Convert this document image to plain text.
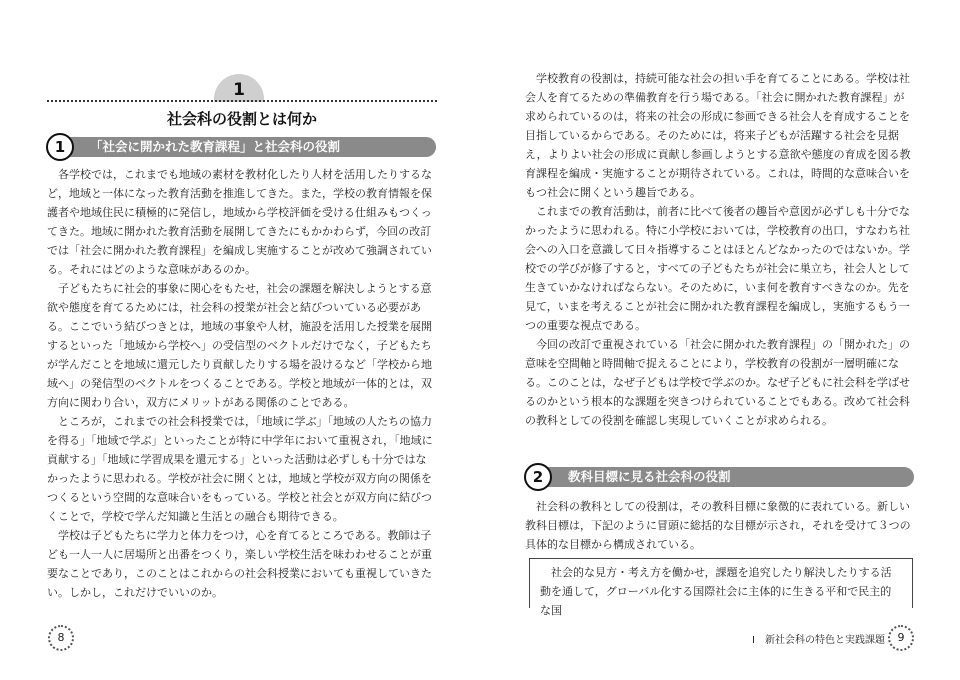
1
社会科の役割とは何か
「社会に開かれた教育課程」と社会科の役割
1

各学校では，これまでも地域の素材を教材化したり人材を活用したりするなど，地域と一体になった教育活動を推進してきた。また，学校の教育情報を保護者や地域住民に積極的に発信し，地域から学校評価を受ける仕組みもつくってきた。地域に開かれた教育活動を展開してきたにもかかわらず，今回の改訂では「社会に開かれた教育課程」を編成し実施することが改めて強調されている。それにはどのような意味があるのか。

子どもたちに社会的事象に関心をもたせ，社会の課題を解決しようとする意欲や態度を育てるためには，社会科の授業が社会と結びついている必要がある。ここでいう結びつきとは，地域の事象や人材，施設を活用した授業を展開するといった「地域から学校へ」の受信型のベクトルだけでなく，子どもたちが学んだことを地域に還元したり貢献したりする場を設けるなど「学校から地域へ」の発信型のベクトルをつくることである。学校と地域が一体的とは，双方向に関わり合い，双方にメリットがある関係のことである。

ところが，これまでの社会科授業では，「地域に学ぶ」「地域の人たちの協力を得る」「地域で学ぶ」といったことが特に中学年において重視され，「地域に貢献する」「地域に学習成果を還元する」といった活動は必ずしも十分ではなかったように思われる。学校が社会に開くとは，地域と学校が双方向の関係をつくるという空間的な意味合いをもっている。学校と社会とが双方向に結びつくことで，学校で学んだ知識と生活との融合も期待できる。

学校は子どもたちに学力と体力をつけ，心を育てるところである。教師は子ども一人一人に居場所と出番をつくり，楽しい学校生活を味わわせることが重要なことであり，このことはこれからの社会科授業においても重視していきたい。しかし，これだけでいいのか。

8

学校教育の役割は，持続可能な社会の担い手を育てることにある。学校は社会人を育てるための準備教育を行う場である。「社会に開かれた教育課程」が求められているのは，将来の社会の形成に参画できる社会人を育成することを目指しているからである。そのためには，将来子どもが活躍する社会を見据え，よりよい社会の形成に貢献し参画しようとする意欲や態度の育成を図る教育課程を編成・実施することが期待されている。これは，時間的な意味合いをもつ社会に開くという趣旨である。

これまでの教育活動は，前者に比べて後者の趣旨や意図が必ずしも十分でなかったように思われる。特に小学校においては，学校教育の出口，すなわち社会への入口を意識して日々指導することはほとんどなかったのではないか。学校での学びが修了すると，すべての子どもたちが社会に巣立ち，社会人として生きていかなければならない。そのために，いま何を教育すべきなのか。先を見て，いまを考えることが社会に開かれた教育課程を編成し，実施するもう一つの重要な視点である。

今回の改訂で重視されている「社会に開かれた教育課程」の「開かれた」の意味を空間軸と時間軸で捉えることにより，学校教育の役割が一層明確になる。このことは，なぜ子どもは学校で学ぶのか。なぜ子どもに社会科を学ばせるのかという根本的な課題を突きつけられていることでもある。改めて社会科の教科としての役割を確認し実現していくことが求められる。

教科目標に見る社会科の役割
2

社会科の教科としての役割は，その教科目標に象徴的に表れている。新しい教科目標は，下記のように冒頭に総括的な目標が示され，それを受けて３つの具体的な目標から構成されている。

Ⅰ　新社会科の特色と実践課題	9

社会的な見方・考え方を働かせ，課題を追究したり解決したりする活動を通して，グローバル化する国際社会に主体的に生きる平和で民主的な国
